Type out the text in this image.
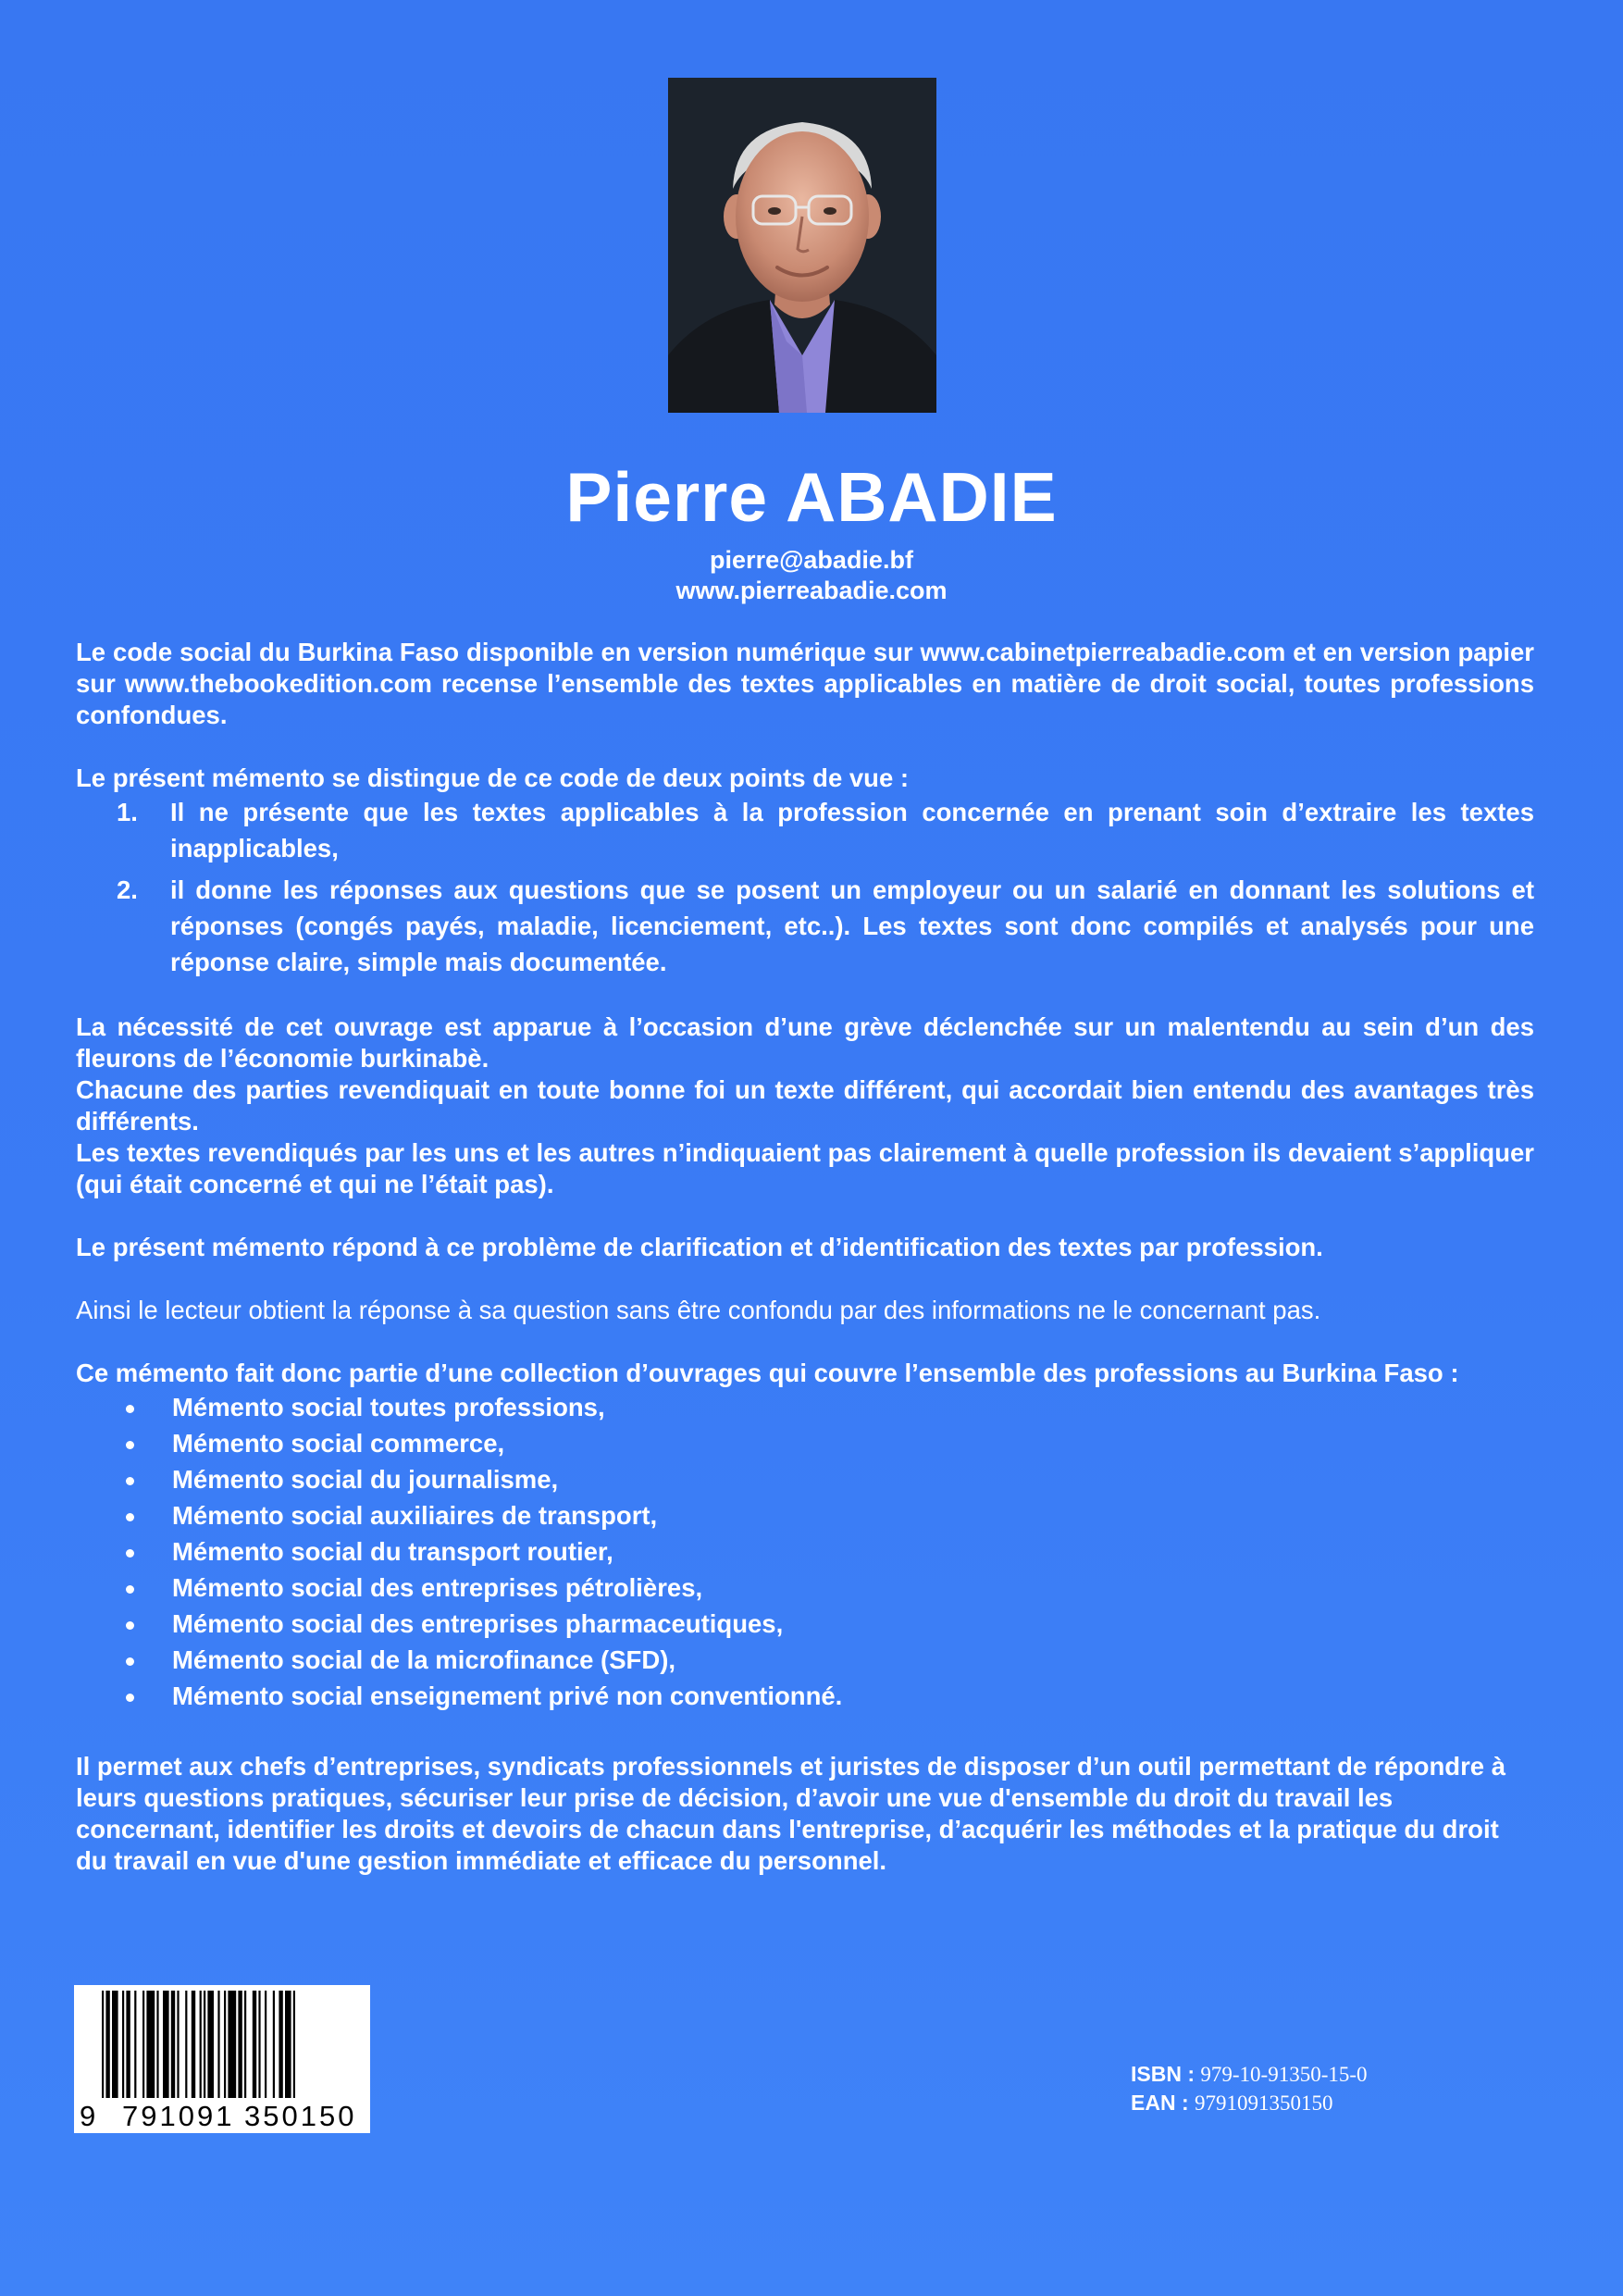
Pierre ABADIE
pierre@abadie.bf
www.pierreabadie.com

Le code social du Burkina Faso disponible en version numérique sur www.cabinetpierreabadie.com et en version papier sur www.thebookedition.com recense l’ensemble des textes applicables en matière de droit social, toutes professions confondues.

Le présent mémento se distingue de ce code de deux points de vue :

1. Il ne présente que les textes applicables à la profession concernée en prenant soin d’extraire les textes inapplicables,
2. il donne les réponses aux questions que se posent un employeur ou un salarié en donnant les solutions et réponses (congés payés, maladie, licenciement, etc..). Les textes sont donc compilés et analysés pour une réponse claire, simple mais documentée.

La nécessité de cet ouvrage est apparue à l’occasion d’une grève déclenchée sur un malentendu au sein d’un des fleurons de l’économie burkinabè.

Chacune des parties revendiquait en toute bonne foi un texte différent, qui accordait bien entendu des avantages très différents.

Les textes revendiqués par les uns et les autres n’indiquaient pas clairement à quelle profession ils devaient s’appliquer (qui était concerné et qui ne l’était pas).

Le présent mémento répond à ce problème de clarification et d’identification des textes par profession.

Ainsi le lecteur obtient la réponse à sa question sans être confondu par des informations ne le concernant pas.

Ce mémento fait donc partie d’une collection d’ouvrages qui couvre l’ensemble des professions au Burkina Faso :

Mémento social toutes professions,
Mémento social commerce,
Mémento social du journalisme,
Mémento social auxiliaires de transport,
Mémento social du transport routier,
Mémento social des entreprises pétrolières,
Mémento social des entreprises pharmaceutiques,
Mémento social de la microfinance (SFD),
Mémento social enseignement privé non conventionné.

Il permet aux chefs d’entreprises, syndicats professionnels et juristes de disposer d’un outil permettant de répondre à leurs questions pratiques, sécuriser leur prise de décision, d’avoir une vue d'ensemble du droit du travail les concernant, identifier les droits et devoirs de chacun dans l'entreprise, d’acquérir les méthodes et la pratique du droit du travail en vue d'une gestion immédiate et efficace du personnel.

9 791091 350150
ISBN : 979-10-91350-15-0
EAN : 9791091350150
